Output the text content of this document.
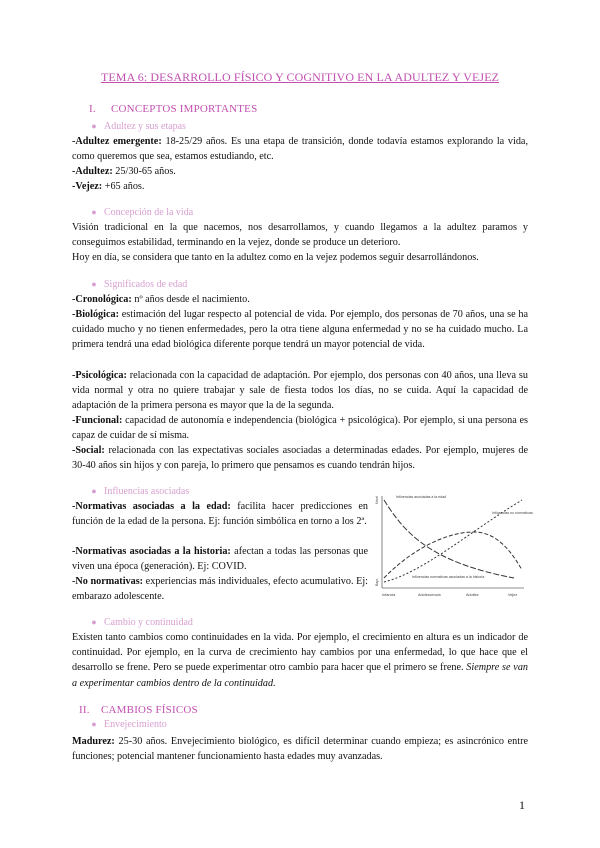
TEMA 6: DESARROLLO FÍSICO Y COGNITIVO EN LA ADULTEZ Y VEJEZ
I. CONCEPTOS IMPORTANTES
● Adultez y sus etapas
-Adultez emergente: 18-25/29 años. Es una etapa de transición, donde todavía estamos explorando la vida, como queremos que sea, estamos estudiando, etc.
-Adultez: 25/30-65 años.
-Vejez: +65 años.
● Concepción de la vida
Visión tradicional en la que nacemos, nos desarrollamos, y cuando llegamos a la adultez paramos y conseguimos estabilidad, terminando en la vejez, donde se produce un deterioro.
Hoy en día, se considera que tanto en la adultez como en la vejez podemos seguir desarrollándonos.
● Significados de edad
-Cronológica: nº años desde el nacimiento.
-Biológica: estimación del lugar respecto al potencial de vida. Por ejemplo, dos personas de 70 años, una se ha cuidado mucho y no tienen enfermedades, pero la otra tiene alguna enfermedad y no se ha cuidado mucho. La primera tendrá una edad biológica diferente porque tendrá un mayor potencial de vida.
-Psicológica: relacionada con la capacidad de adaptación. Por ejemplo, dos personas con 40 años, una lleva su vida normal y otra no quiere trabajar y sale de fiesta todos los días, no se cuida. Aquí la capacidad de adaptación de la primera persona es mayor que la de la segunda.
-Funcional: capacidad de autonomía e independencia (biológica + psicológica). Por ejemplo, si una persona es capaz de cuidar de sí misma.
-Social: relacionada con las expectativas sociales asociadas a determinadas edades. Por ejemplo, mujeres de 30-40 años sin hijos y con pareja, lo primero que pensamos es cuando tendrán hijos.
● Influencias asociadas
-Normativas asociadas a la edad: facilita hacer predicciones en función de la edad de la persona. Ej: función simbólica en torno a los 2ª.
-Normativas asociadas a la historia: afectan a todas las personas que viven una época (generación). Ej: COVID.
-No normativas: experiencias más individuales, efecto acumulativo. Ej: embarazo adolescente.
Nivel
Bajo
Influencias asociadas a la edad
Influencias no normativas
Influencias normativas asociadas a la historia
Infancia	Adolescencia	Adultez	Vejez
● Cambio y continuidad
Existen tanto cambios como continuidades en la vida. Por ejemplo, el crecimiento en altura es un indicador de continuidad. Por ejemplo, en la curva de crecimiento hay cambios por una enfermedad, lo que hace que el desarrollo se frene. Pero se puede experimentar otro cambio para hacer que el primero se frene. Siempre se van a experimentar cambios dentro de la continuidad.
II. CAMBIOS FÍSICOS
● Envejecimiento
Madurez: 25-30 años. Envejecimiento biológico, es difícil determinar cuando empieza; es asincrónico entre funciones; potencial mantener funcionamiento hasta edades muy avanzadas.
1
